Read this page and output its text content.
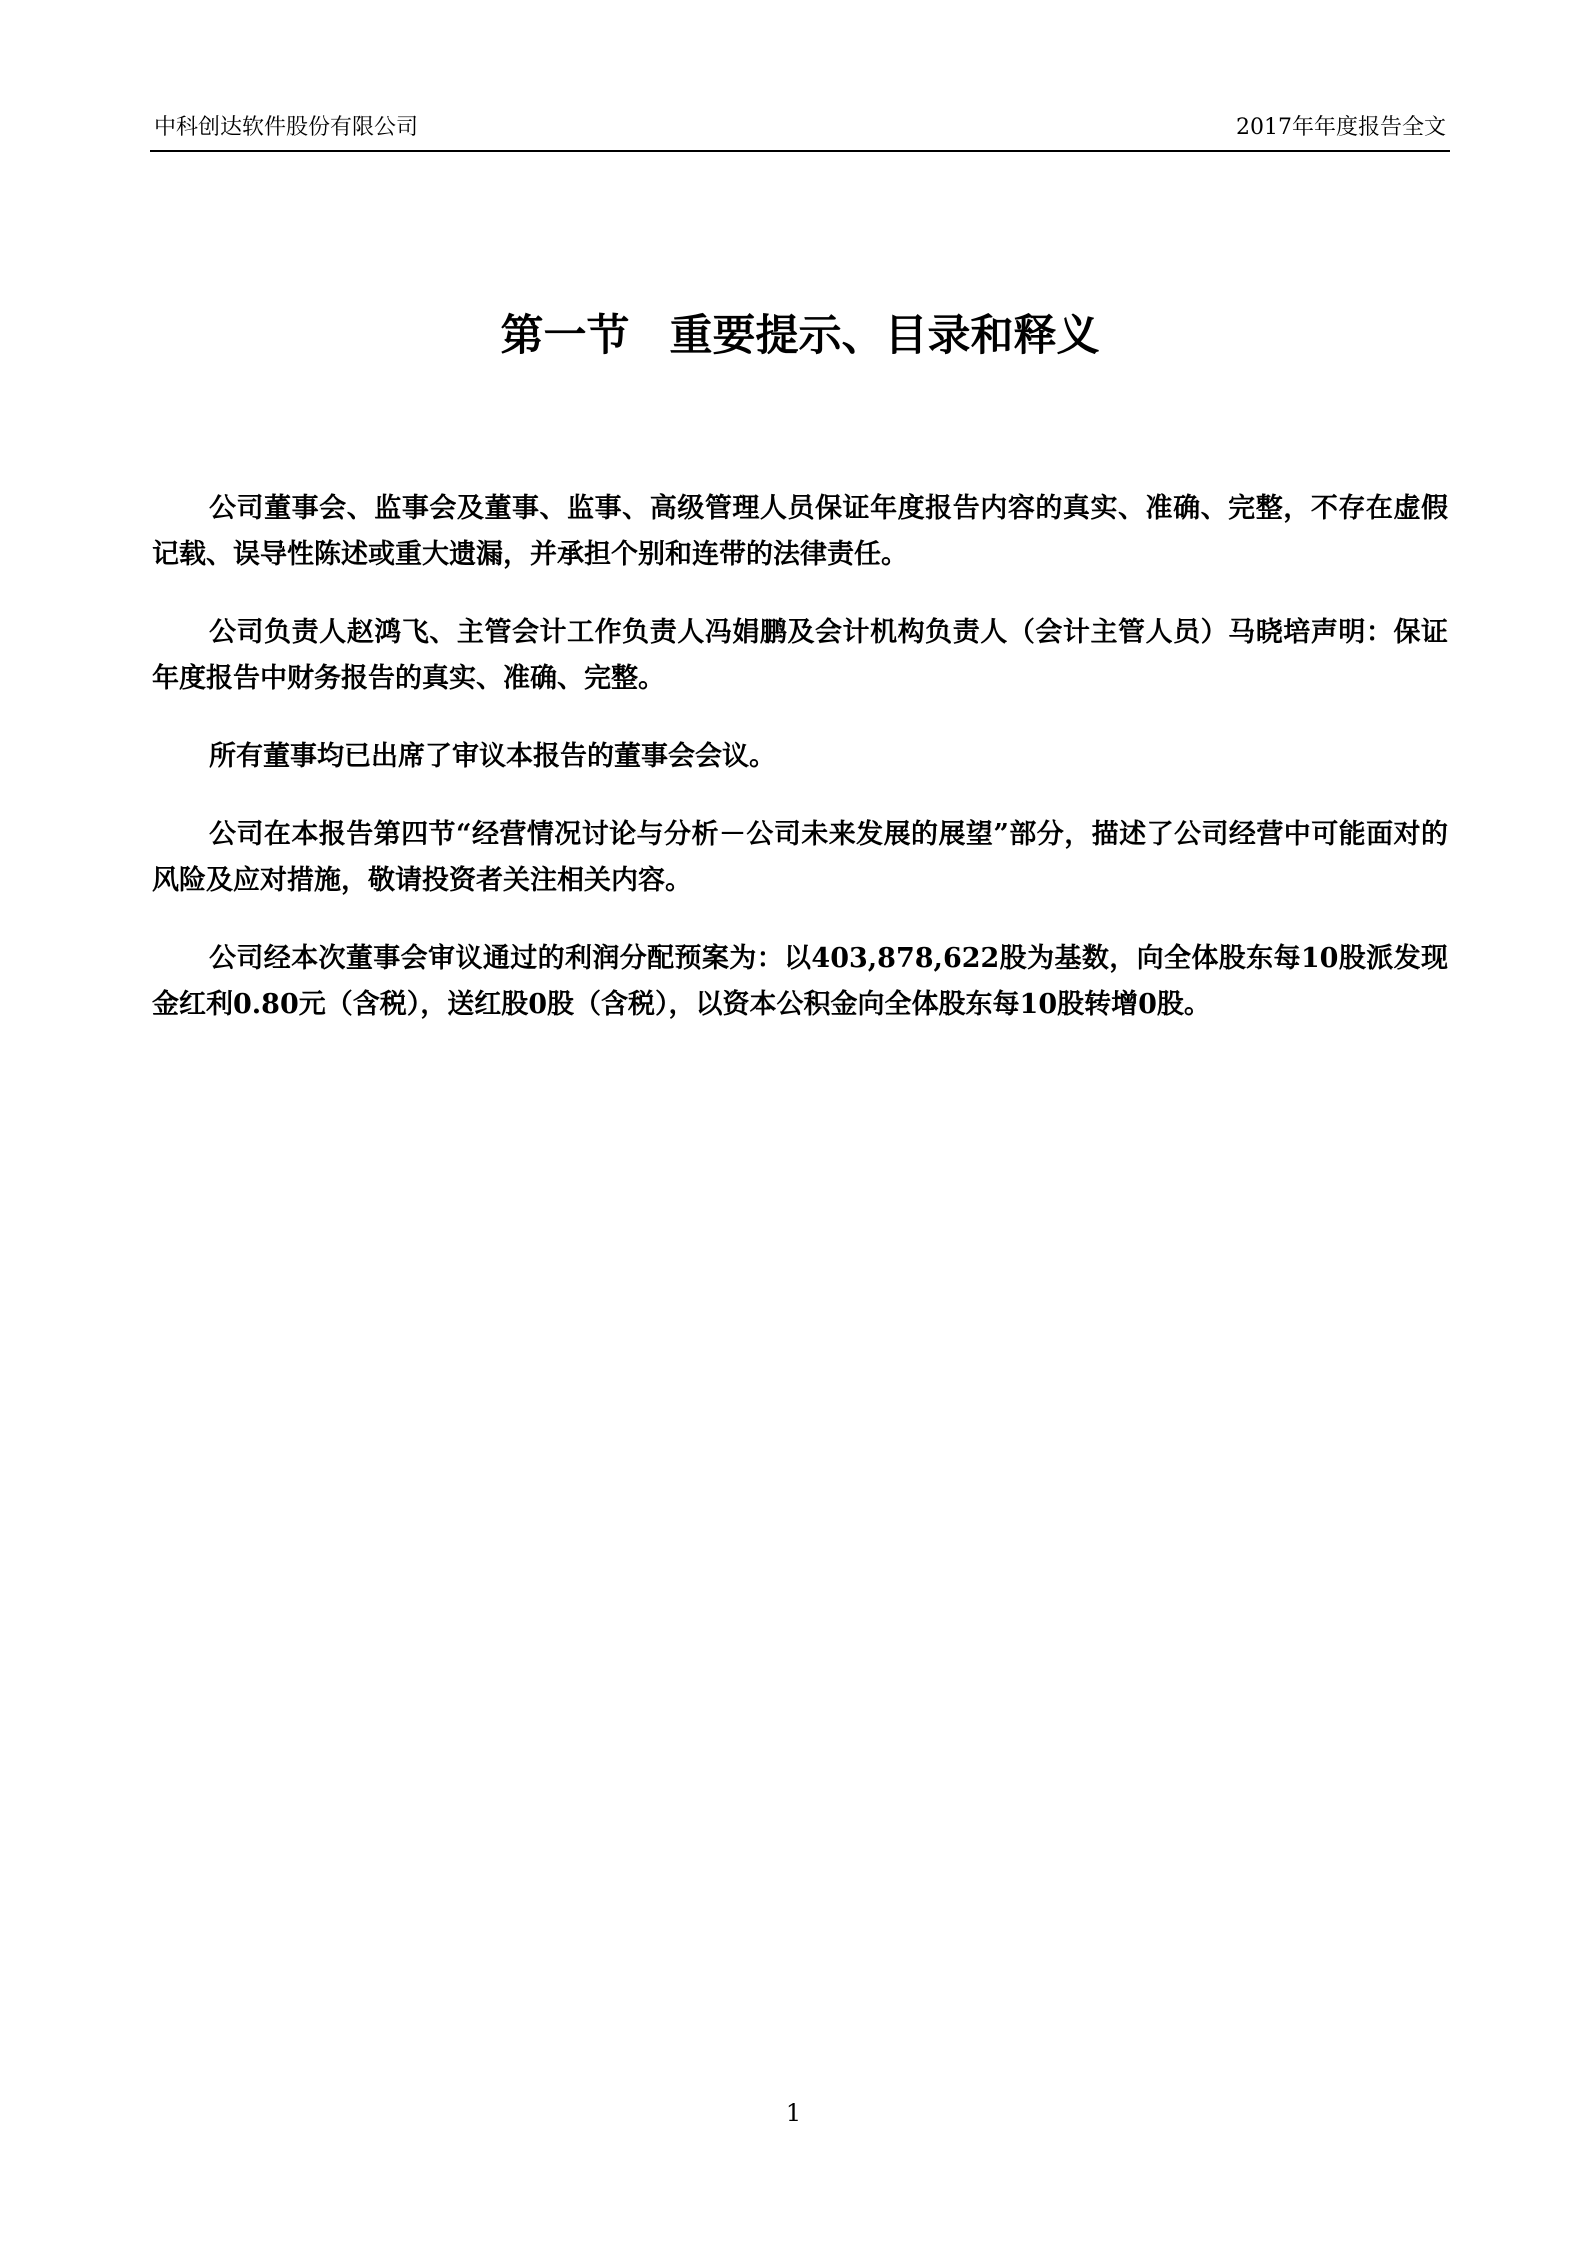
中科创达软件股份有限公司	2017年年度报告全文
第一节 重要提示、目录和释义

公司董事会、监事会及董事、监事、高级管理人员保证年度报告内容的真实、准确、完整，不存在虚假记载、误导性陈述或重大遗漏，并承担个别和连带的法律责任。

公司负责人赵鸿飞、主管会计工作负责人冯娟鹏及会计机构负责人（会计主管人员）马晓培声明：保证年度报告中财务报告的真实、准确、完整。

所有董事均已出席了审议本报告的董事会会议。

公司在本报告第四节“经营情况讨论与分析－公司未来发展的展望”部分，描述了公司经营中可能面对的风险及应对措施，敬请投资者关注相关内容。

公司经本次董事会审议通过的利润分配预案为：以403,878,622股为基数，向全体股东每10股派发现金红利0.80元（含税），送红股0股（含税），以资本公积金向全体股东每10股转增0股。

1
